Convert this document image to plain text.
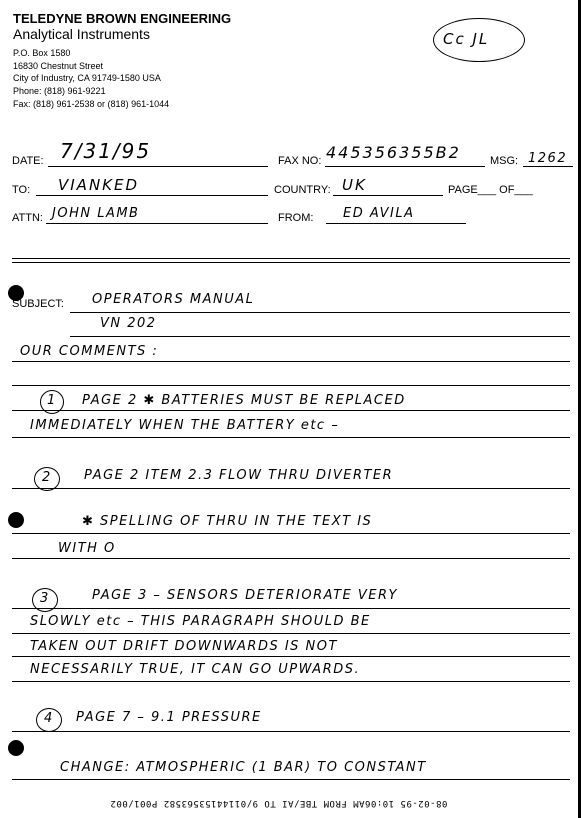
TELEDYNE BROWN ENGINEERING
Analytical Instruments
P.O. Box 1580
16830 Chestnut Street
City of Industry, CA 91749-1580 USA
Phone: (818) 961-9221
Fax: (818) 961-2538 or (818) 961-1044
Cc JL
DATE: 7/31/95	FAX NO: 445356355B2	MSG: 1262
TO: VIANKED	COUNTRY: UK	PAGE___ OF___
ATTN: JOHN LAMB	FROM: ED AVILA
SUBJECT: OPERATORS MANUAL
VN 202
OUR COMMENTS :
1 PAGE 2 ✱ BATTERIES MUST BE REPLACED
IMMEDIATELY WHEN THE BATTERY etc –
2 PAGE 2 ITEM 2.3 FLOW THRU DIVERTER
✱ SPELLING OF THRU IN THE TEXT IS
WITH O
3	PAGE 3 – SENSORS DETERIORATE VERY
SLOWLY etc – THIS PARAGRAPH SHOULD BE
TAKEN OUT DRIFT DOWNWARDS IS NOT
NECESSARILY TRUE, IT CAN GO UPWARDS.
4 PAGE 7 – 9.1 PRESSURE
CHANGE: ATMOSPHERIC (1 BAR) TO CONSTANT
08-02-95 10:06AM FROM TBE/AI TO 9/01144153563582 P001/002
